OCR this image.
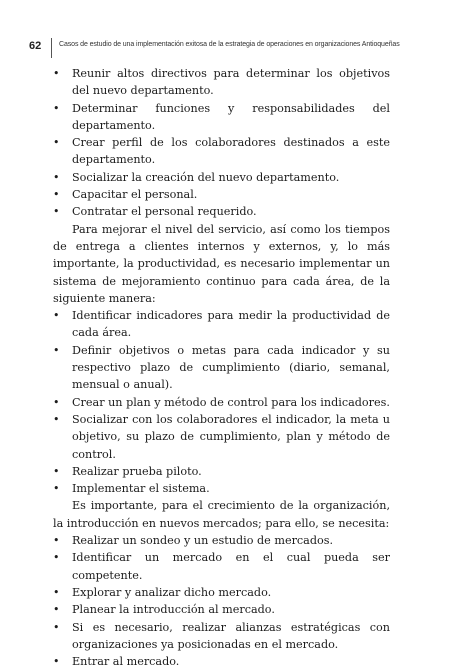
62	Casos de estudio de una implementación exitosa de la estrategia de operaciones en organizaciones Antioqueñas
•	Reunir altos directivos para determinar los objetivos del nuevo departamento.
•	Determinar funciones y responsabilidades del departamento.
•	Crear perfil de los colaboradores destinados a este departamento.
•	Socializar la creación del nuevo departamento.
•	Capacitar el personal.
•	Contratar el personal requerido.
Para mejorar el nivel del servicio, así como los tiempos de entrega a clientes internos y externos, y, lo más importante, la productividad, es necesario implementar un sistema de mejoramiento continuo para cada área, de la siguiente manera:
•	Identificar indicadores para medir la productividad de cada área.
•	Definir objetivos o metas para cada indicador y su respectivo plazo de cumplimiento (diario, semanal, mensual o anual).
•	Crear un plan y método de control para los indicadores.
•	Socializar con los colaboradores el indicador, la meta u objetivo, su plazo de cumplimiento, plan y método de control.
•	Realizar prueba piloto.
•	Implementar el sistema.
Es importante, para el crecimiento de la organización, la introducción en nuevos mercados; para ello, se necesita:
•	Realizar un sondeo y un estudio de mercados.
•	Identificar un mercado en el cual pueda ser competente.
•	Explorar y analizar dicho mercado.
•	Planear la introducción al mercado.
•	Si es necesario, realizar alianzas estratégicas con organizaciones ya posicionadas en el mercado.
•	Entrar al mercado.
